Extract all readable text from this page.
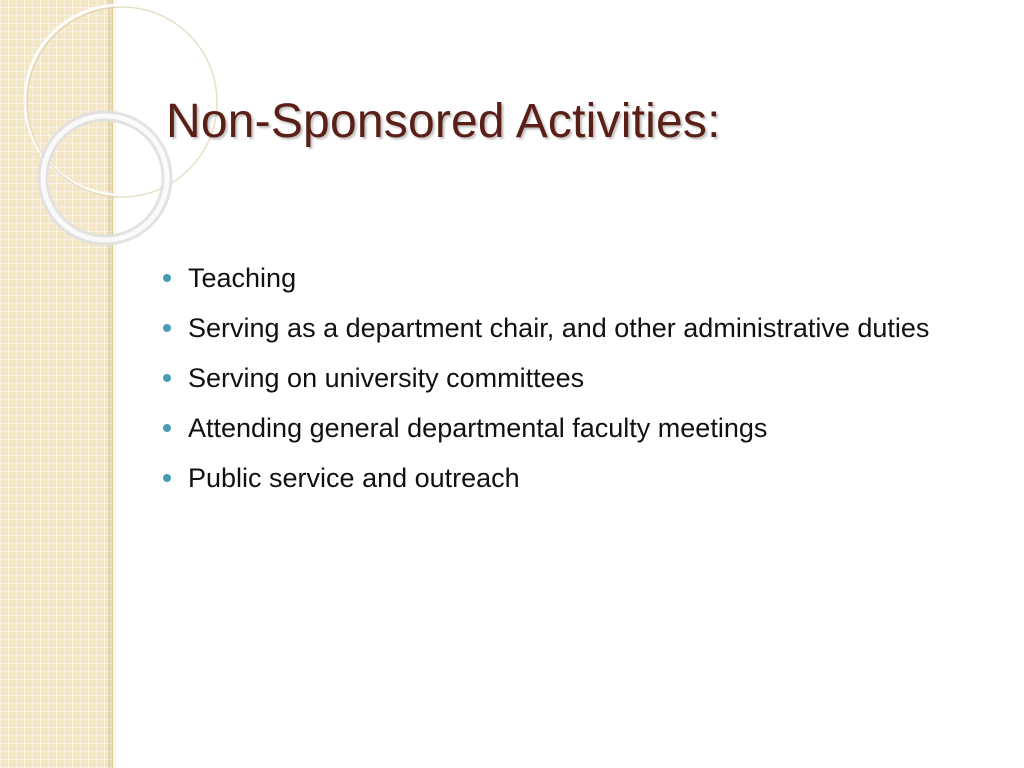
Non-Sponsored Activities:
Teaching
Serving as a department chair, and other administrative duties
Serving on university committees
Attending general departmental faculty meetings
Public service and outreach
